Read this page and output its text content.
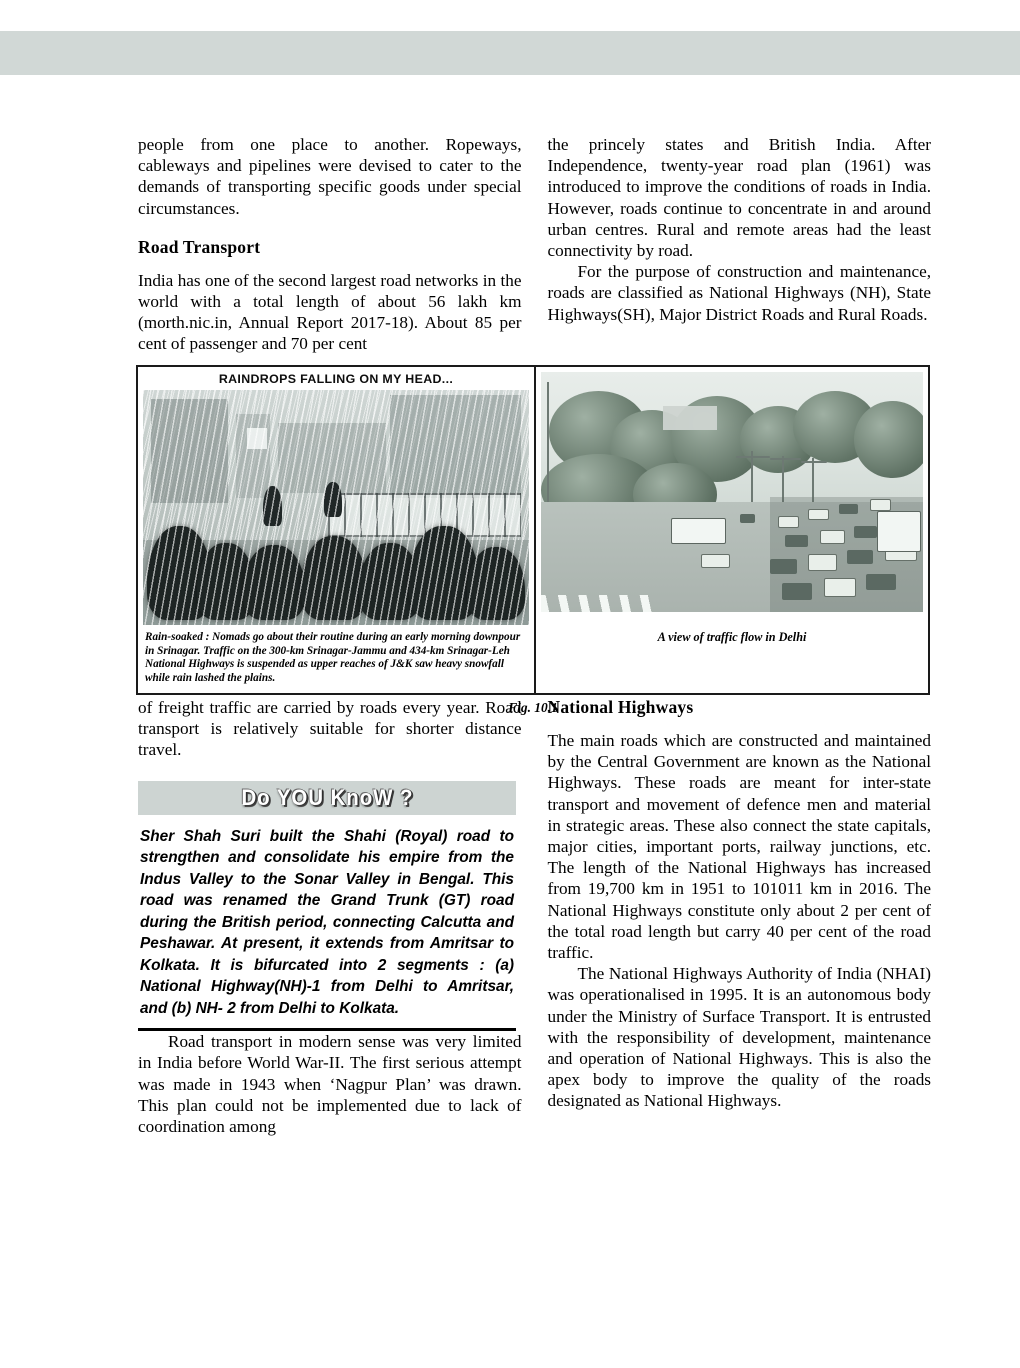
people from one place to another. Ropeways, cableways and pipelines were devised to cater to the demands of transporting specific goods under special circumstances.

Road Transport

India has one of the second largest road networks in the world with a total length of about 56 lakh km (morth.nic.in, Annual Report 2017-18). About 85 per cent of passenger and 70 per cent

the princely states and British India. After Independence, twenty-year road plan (1961) was introduced to improve the conditions of roads in India. However, roads continue to concentrate in and around urban centres. Rural and remote areas had the least connectivity by road.

For the purpose of construction and maintenance, roads are classified as National Highways (NH), State Highways(SH), Major District Roads and Rural Roads.

RAINDROPS FALLING ON MY HEAD...
Rain-soaked : Nomads go about their routine during an early morning downpour in Srinagar. Traffic on the 300-km Srinagar-Jammu and 434-km Srinagar-Leh National Highways is suspended as upper reaches of J&K saw heavy snowfall while rain lashed the plains.
A view of traffic flow in Delhi
Fig. 10.1

of freight traffic are carried by roads every year. Road transport is relatively suitable for shorter distance travel.

Do YOU KnoW ?
Sher Shah Suri built the Shahi (Royal) road to strengthen and consolidate his empire from the Indus Valley to the Sonar Valley in Bengal. This road was renamed the Grand Trunk (GT) road during the British period, connecting Calcutta and Peshawar. At present, it extends from Amritsar to Kolkata. It is bifurcated into 2 segments : (a) National Highway(NH)-1 from Delhi to Amritsar, and (b) NH- 2 from Delhi to Kolkata.

Road transport in modern sense was very limited in India before World War-II. The first serious attempt was made in 1943 when ‘Nagpur Plan’ was drawn. This plan could not be implemented due to lack of coordination among

National Highways

The main roads which are constructed and maintained by the Central Government are known as the National Highways. These roads are meant for inter-state transport and movement of defence men and material in strategic areas. These also connect the state capitals, major cities, important ports, railway junctions, etc. The length of the National Highways has increased from 19,700 km in 1951 to 101011 km in 2016. The National Highways constitute only about 2 per cent of the total road length but carry 40 per cent of the road traffic.

The National Highways Authority of India (NHAI) was operationalised in 1995. It is an autonomous body under the Ministry of Surface Transport. It is entrusted with the responsibility of development, maintenance and operation of National Highways. This is also the apex body to improve the quality of the roads designated as National Highways.
